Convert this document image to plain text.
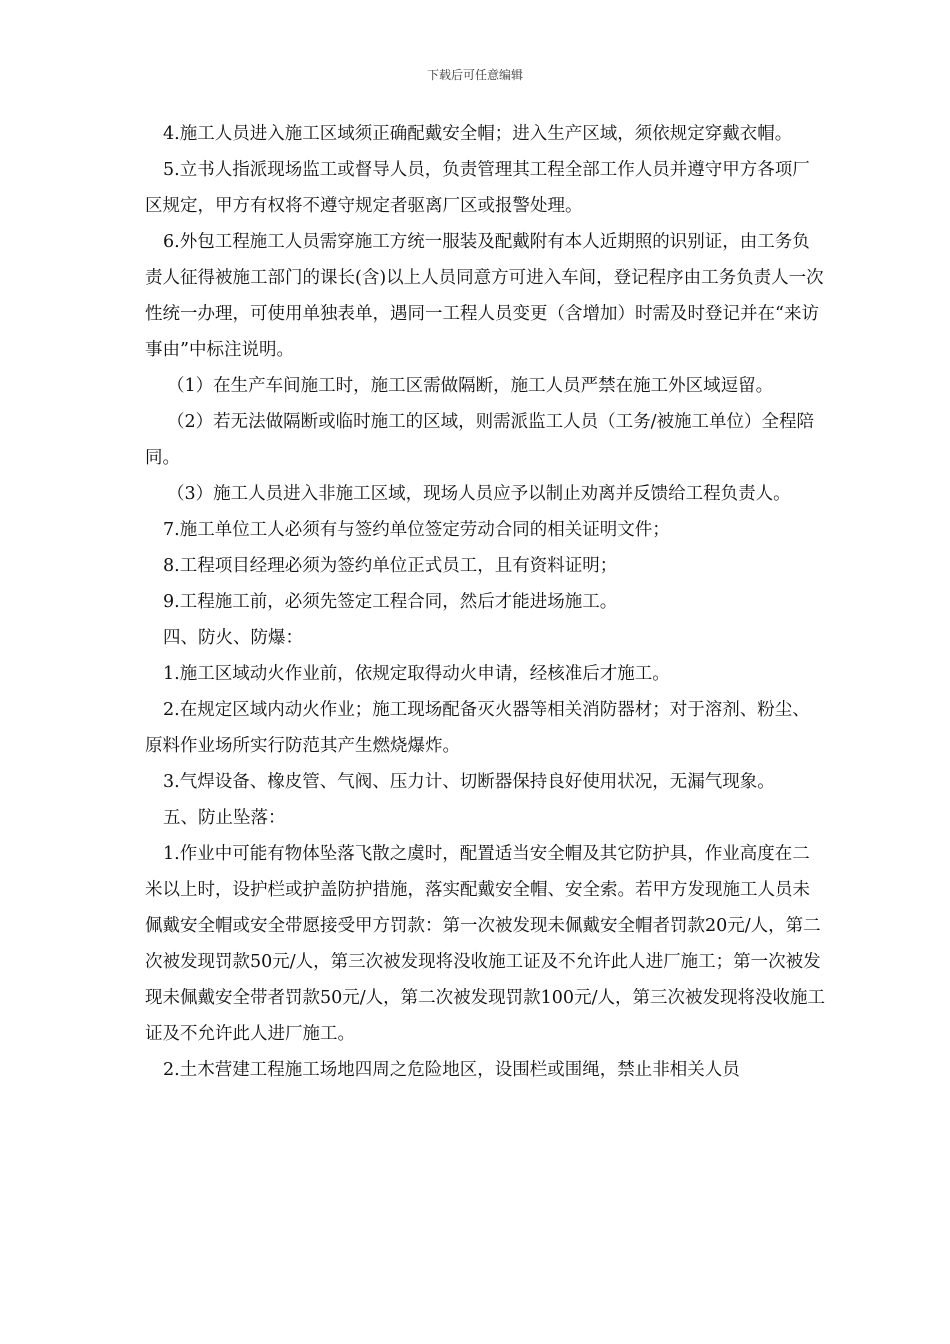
下载后可任意编辑

4.施工人员进入施工区域须正确配戴安全帽；进入生产区域，须依规定穿戴衣帽。

5.立书人指派现场监工或督导人员，负责管理其工程全部工作人员并遵守甲方各项厂区规定，甲方有权将不遵守规定者驱离厂区或报警处理。

6.外包工程施工人员需穿施工方统一服装及配戴附有本人近期照的识别证，由工务负责人征得被施工部门的课长(含)以上人员同意方可进入车间，登记程序由工务负责人一次性统一办理，可使用单独表单，遇同一工程人员变更（含增加）时需及时登记并在“来访事由”中标注说明。

（1）在生产车间施工时，施工区需做隔断，施工人员严禁在施工外区域逗留。

（2）若无法做隔断或临时施工的区域，则需派监工人员（工务/被施工单位）全程陪同。

（3）施工人员进入非施工区域，现场人员应予以制止劝离并反馈给工程负责人。

7.施工单位工人必须有与签约单位签定劳动合同的相关证明文件；

8.工程项目经理必须为签约单位正式员工，且有资料证明；

9.工程施工前，必须先签定工程合同，然后才能进场施工。

四、防火、防爆：

1.施工区域动火作业前，依规定取得动火申请，经核准后才施工。

2.在规定区域内动火作业；施工现场配备灭火器等相关消防器材；对于溶剂、粉尘、原料作业场所实行防范其产生燃烧爆炸。

3.气焊设备、橡皮管、气阀、压力计、切断器保持良好使用状况，无漏气现象。

五、防止坠落：

1.作业中可能有物体坠落飞散之虞时，配置适当安全帽及其它防护具，作业高度在二米以上时，设护栏或护盖防护措施，落实配戴安全帽、安全索。若甲方发现施工人员未佩戴安全帽或安全带愿接受甲方罚款：第一次被发现未佩戴安全帽者罚款20元/人，第二次被发现罚款50元/人，第三次被发现将没收施工证及不允许此人进厂施工；第一次被发现未佩戴安全带者罚款50元/人，第二次被发现罚款100元/人，第三次被发现将没收施工证及不允许此人进厂施工。

2.土木营建工程施工场地四周之危险地区，设围栏或围绳，禁止非相关人员
